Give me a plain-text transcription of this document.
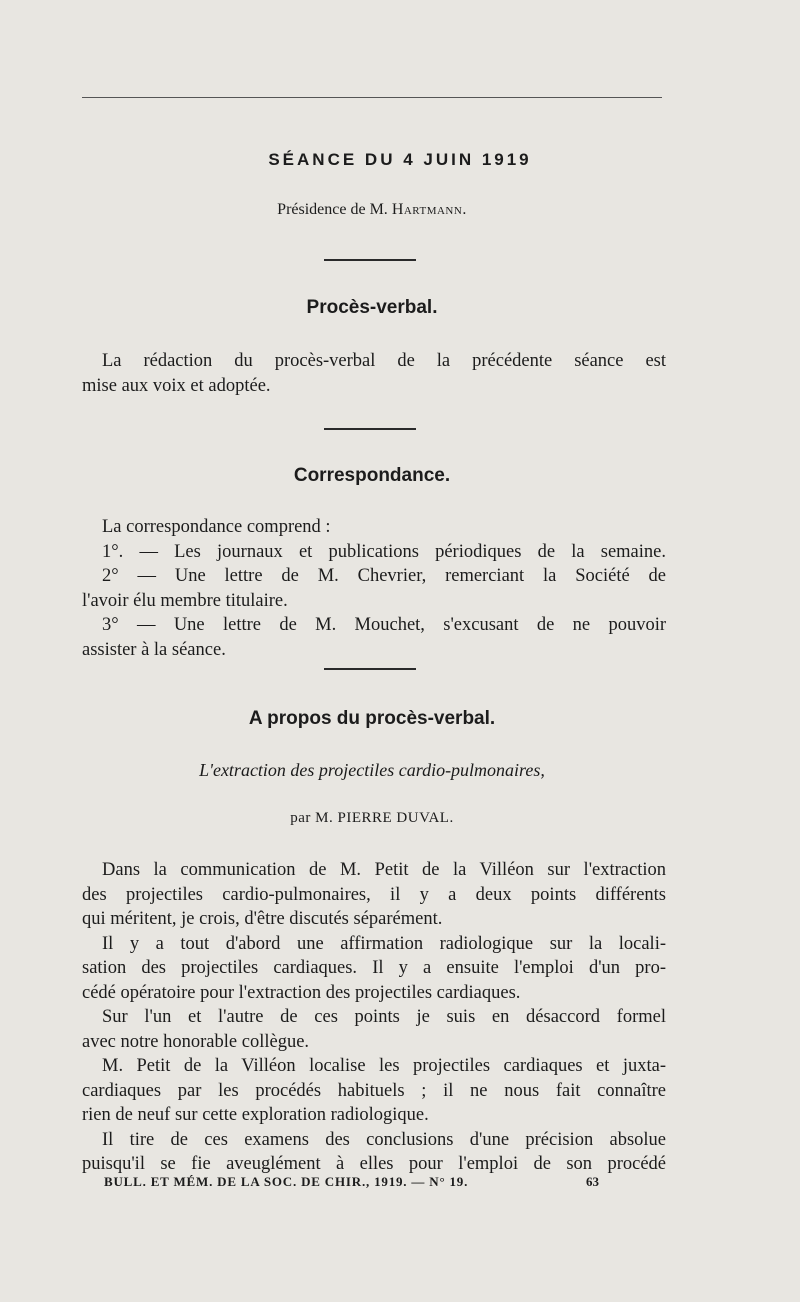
SÉANCE DU 4 JUIN 1919
Présidence de M. Hartmann.
Procès-verbal.
La rédaction du procès-verbal de la précédente séance est
mise aux voix et adoptée.
Correspondance.
La correspondance comprend :
1°. — Les journaux et publications périodiques de la semaine.
2° — Une lettre de M. Chevrier, remerciant la Société de
l'avoir élu membre titulaire.
3° — Une lettre de M. Mouchet, s'excusant de ne pouvoir
assister à la séance.
A propos du procès-verbal.
L'extraction des projectiles cardio-pulmonaires,
par M. PIERRE DUVAL.
Dans la communication de M. Petit de la Villéon sur l'extraction
des projectiles cardio-pulmonaires, il y a deux points différents
qui méritent, je crois, d'être discutés séparément.
Il y a tout d'abord une affirmation radiologique sur la locali-
sation des projectiles cardiaques. Il y a ensuite l'emploi d'un pro-
cédé opératoire pour l'extraction des projectiles cardiaques.
Sur l'un et l'autre de ces points je suis en désaccord formel
avec notre honorable collègue.
M. Petit de la Villéon localise les projectiles cardiaques et juxta-
cardiaques par les procédés habituels ; il ne nous fait connaître
rien de neuf sur cette exploration radiologique.
Il tire de ces examens des conclusions d'une précision absolue
puisqu'il se fie aveuglément à elles pour l'emploi de son procédé
BULL. ET MÉM. DE LA SOC. DE CHIR., 1919. — N° 19.	63
